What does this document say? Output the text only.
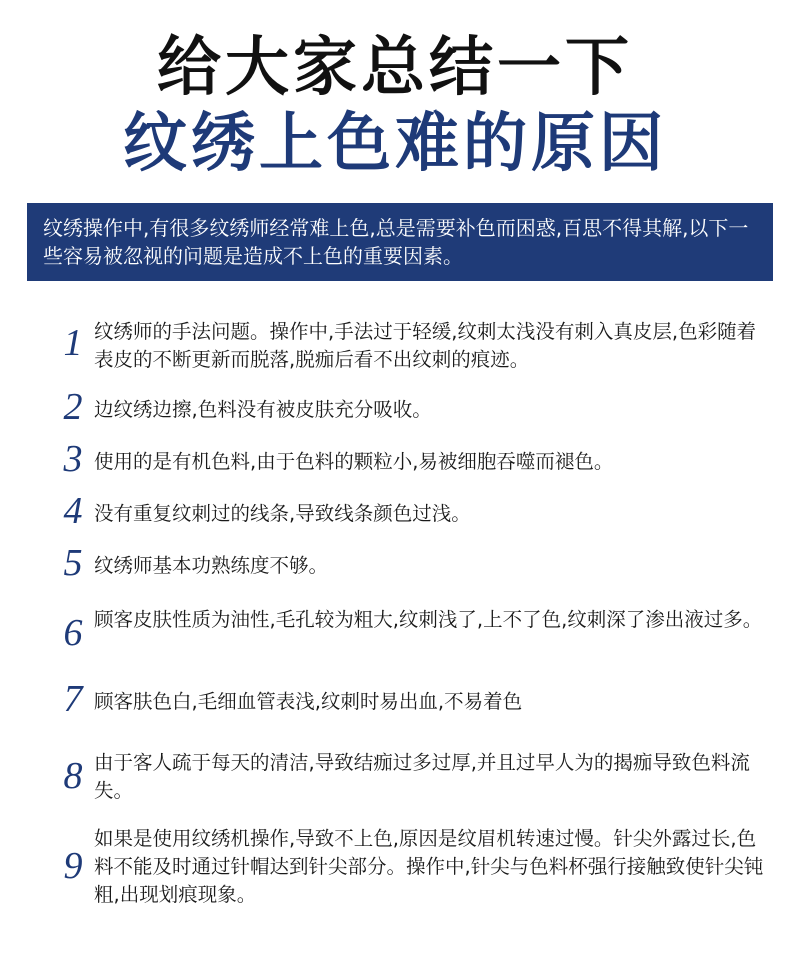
给大家总结一下
纹绣上色难的原因
纹绣操作中,有很多纹绣师经常难上色,总是需要补色而困惑,百思不得其解,以下一些容易被忽视的问题是造成不上色的重要因素。
1 纹绣师的手法问题。操作中,手法过于轻缓,纹刺太浅没有刺入真皮层,色彩随着表皮的不断更新而脱落,脱痂后看不出纹刺的痕迹。
2 边纹绣边擦,色料没有被皮肤充分吸收。
3 使用的是有机色料,由于色料的颗粒小,易被细胞吞噬而褪色。
4 没有重复纹刺过的线条,导致线条颜色过浅。
5 纹绣师基本功熟练度不够。
6 顾客皮肤性质为油性,毛孔较为粗大,纹刺浅了,上不了色,纹刺深了渗出液过多。
7 顾客肤色白,毛细血管表浅,纹刺时易出血,不易着色
8 由于客人疏于每天的清洁,导致结痂过多过厚,并且过早人为的揭痂导致色料流失。
9
如果是使用纹绣机操作,导致不上色,原因是纹眉机转速过慢。针尖外露过长,色料不能及时通过针帽达到针尖部分。操作中,针尖与色料杯强行接触致使针尖钝粗,出现划痕现象。
